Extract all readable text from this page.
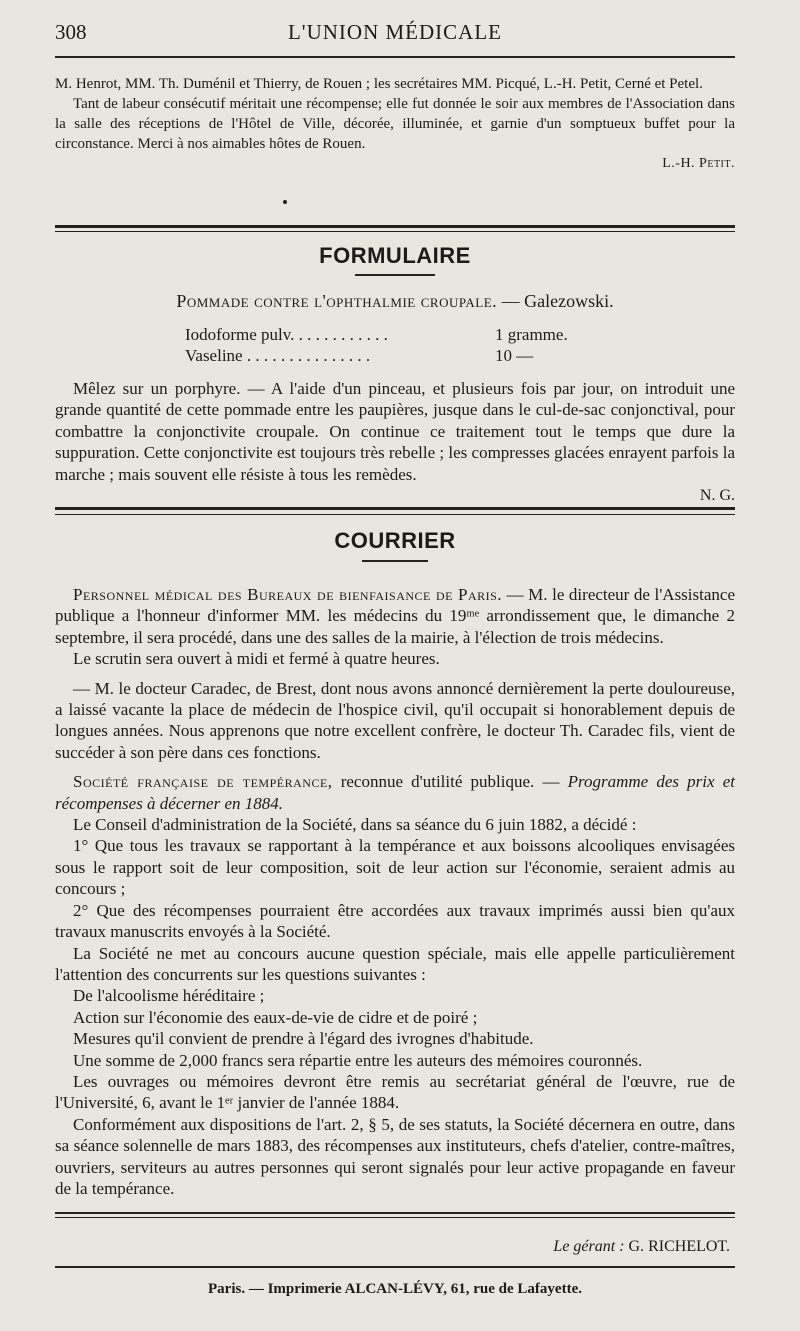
308	L'UNION MÉDICALE

M. Henrot, MM. Th. Duménil et Thierry, de Rouen ; les secrétaires MM. Picqué, L.-H. Petit, Cerné et Petel.

Tant de labeur consécutif méritait une récompense; elle fut donnée le soir aux membres de l'Association dans la salle des réceptions de l'Hôtel de Ville, décorée, illuminée, et garnie d'un somptueux buffet pour la circonstance. Merci à nos aimables hôtes de Rouen.

L.-H. Petit.
FORMULAIRE
Pommade contre l'ophthalmie croupale. — Galezowski.
Iodoforme pulv. . . . . . . . . . . .	1 gramme.
Vaseline . . . . . . . . . . . . . . .	10 —

Mêlez sur un porphyre. — A l'aide d'un pinceau, et plusieurs fois par jour, on introduit une grande quantité de cette pommade entre les paupières, jusque dans le cul-de-sac conjonctival, pour combattre la conjonctivite croupale. On continue ce traitement tout le temps que dure la suppuration. Cette conjonctivite est toujours très rebelle ; les compresses glacées enrayent parfois la marche ; mais souvent elle résiste à tous les remèdes.

N. G.
COURRIER

Personnel médical des Bureaux de bienfaisance de Paris. — M. le directeur de l'Assistance publique a l'honneur d'informer MM. les médecins du 19ᵐᵉ arrondissement que, le dimanche 2 septembre, il sera procédé, dans une des salles de la mairie, à l'élection de trois médecins.

Le scrutin sera ouvert à midi et fermé à quatre heures.

— M. le docteur Caradec, de Brest, dont nous avons annoncé dernièrement la perte douloureuse, a laissé vacante la place de médecin de l'hospice civil, qu'il occupait si honorablement depuis de longues années. Nous apprenons que notre excellent confrère, le docteur Th. Caradec fils, vient de succéder à son père dans ces fonctions.

Société française de tempérance, reconnue d'utilité publique. — Programme des prix et récompenses à décerner en 1884.

Le Conseil d'administration de la Société, dans sa séance du 6 juin 1882, a décidé :

1° Que tous les travaux se rapportant à la tempérance et aux boissons alcooliques envisagées sous le rapport soit de leur composition, soit de leur action sur l'économie, seraient admis au concours ;

2° Que des récompenses pourraient être accordées aux travaux imprimés aussi bien qu'aux travaux manuscrits envoyés à la Société.

La Société ne met au concours aucune question spéciale, mais elle appelle particulièrement l'attention des concurrents sur les questions suivantes :

De l'alcoolisme héréditaire ;

Action sur l'économie des eaux-de-vie de cidre et de poiré ;

Mesures qu'il convient de prendre à l'égard des ivrognes d'habitude.

Une somme de 2,000 francs sera répartie entre les auteurs des mémoires couronnés.

Les ouvrages ou mémoires devront être remis au secrétariat général de l'œuvre, rue de l'Université, 6, avant le 1ᵉʳ janvier de l'année 1884.

Conformément aux dispositions de l'art. 2, § 5, de ses statuts, la Société décernera en outre, dans sa séance solennelle de mars 1883, des récompenses aux instituteurs, chefs d'atelier, contre-maîtres, ouvriers, serviteurs au autres personnes qui seront signalés pour leur active propagande en faveur de la tempérance.

Le gérant : G. RICHELOT.
Paris. — Imprimerie ALCAN-LÉVY, 61, rue de Lafayette.
